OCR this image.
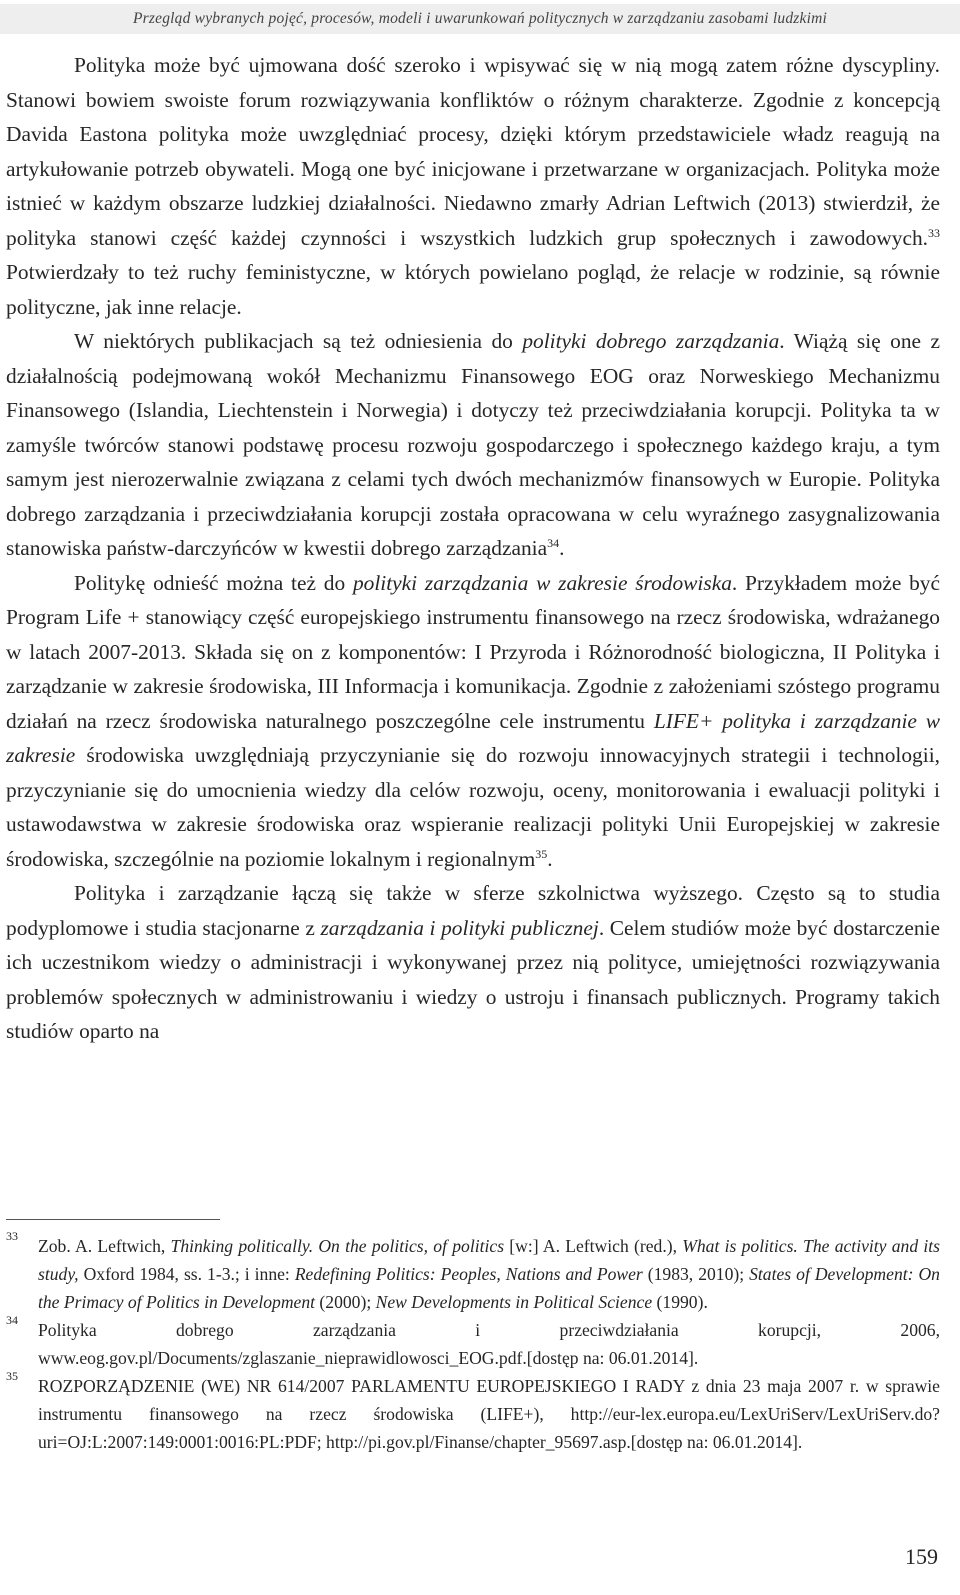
Przegląd wybranych pojęć, procesów, modeli i uwarunkowań politycznych w zarządzaniu zasobami ludzkimi

Polityka może być ujmowana dość szeroko i wpisywać się w nią mogą zatem różne dyscypliny. Stanowi bowiem swoiste forum rozwiązywania konfliktów o różnym charakterze. Zgodnie z koncepcją Davida Eastona polityka może uwzględniać procesy, dzięki którym przedstawiciele władz reagują na artykułowanie potrzeb obywateli. Mogą one być inicjowane i przetwarzane w organizacjach. Polityka może istnieć w każdym obszarze ludzkiej działalności. Niedawno zmarły Adrian Leftwich (2013) stwierdził, że polityka stanowi część każdej czynności i wszystkich ludzkich grup społecznych i zawodowych.$^{33}$ Potwierdzały to też ruchy feministyczne, w których powielano pogląd, że relacje w rodzinie, są równie polityczne, jak inne relacje.

W niektórych publikacjach są też odniesienia do polityki dobrego zarządzania. Wiążą się one z działalnością podejmowaną wokół Mechanizmu Finansowego EOG oraz Norweskiego Mechanizmu Finansowego (Islandia, Liechtenstein i Norwegia) i dotyczy też przeciwdziałania korupcji. Polityka ta w zamyśle twórców stanowi podstawę procesu rozwoju gospodarczego i społecznego każdego kraju, a tym samym jest nierozerwalnie związana z celami tych dwóch mechanizmów finansowych w Europie. Polityka dobrego zarządzania i przeciwdziałania korupcji została opracowana w celu wyraźnego zasygnalizowania stanowiska państw-darczyńców w kwestii dobrego zarządzania$^{34}$.

Politykę odnieść można też do polityki zarządzania w zakresie środowiska. Przykładem może być Program Life + stanowiący część europejskiego instrumentu finansowego na rzecz środowiska, wdrażanego w latach 2007-2013. Składa się on z komponentów: I Przyroda i Różnorodność biologiczna, II Polityka i zarządzanie w zakresie środowiska, III Informacja i komunikacja. Zgodnie z założeniami szóstego programu działań na rzecz środowiska naturalnego poszczególne cele instrumentu LIFE+ polityka i zarządzanie w zakresie środowiska uwzględniają przyczynianie się do rozwoju innowacyjnych strategii i technologii, przyczynianie się do umocnienia wiedzy dla celów rozwoju, oceny, monitorowania i ewaluacji polityki i ustawodawstwa w zakresie środowiska oraz wspieranie realizacji polityki Unii Europejskiej w zakresie środowiska, szczególnie na poziomie lokalnym i regionalnym$^{35}$.

Polityka i zarządzanie łączą się także w sferze szkolnictwa wyższego. Często są to studia podyplomowe i studia stacjonarne z zarządzania i polityki publicznej. Celem studiów może być dostarczenie ich uczestnikom wiedzy o administracji i wykonywanej przez nią polityce, umiejętności rozwiązywania problemów społecznych w administrowaniu i wiedzy o ustroju i finansach publicznych. Programy takich studiów oparto na

33 Zob. A. Leftwich, Thinking politically. On the politics, of politics [w:] A. Leftwich (red.), What is politics. The activity and its study, Oxford 1984, ss. 1-3.; i inne: Redefining Politics: Peoples, Nations and Power (1983, 2010); States of Development: On the Primacy of Politics in Development (2000); New Developments in Political Science (1990).

34 Polityka dobrego zarządzania i przeciwdziałania korupcji, 2006, www.eog.gov.pl/Documents/zglaszanie_nieprawidlowosci_EOG.pdf.[dostęp na: 06.01.2014].

35 ROZPORZĄDZENIE (WE) NR 614/2007 PARLAMENTU EUROPEJSKIEGO I RADY z dnia 23 maja 2007 r. w sprawie instrumentu finansowego na rzecz środowiska (LIFE+), http://eur-lex.europa.eu/LexUriServ/LexUriServ.do?uri=OJ:L:2007:149:0001:0016:PL:PDF; http://pi.gov.pl/Finanse/chapter_95697.asp.[dostęp na: 06.01.2014].

159
